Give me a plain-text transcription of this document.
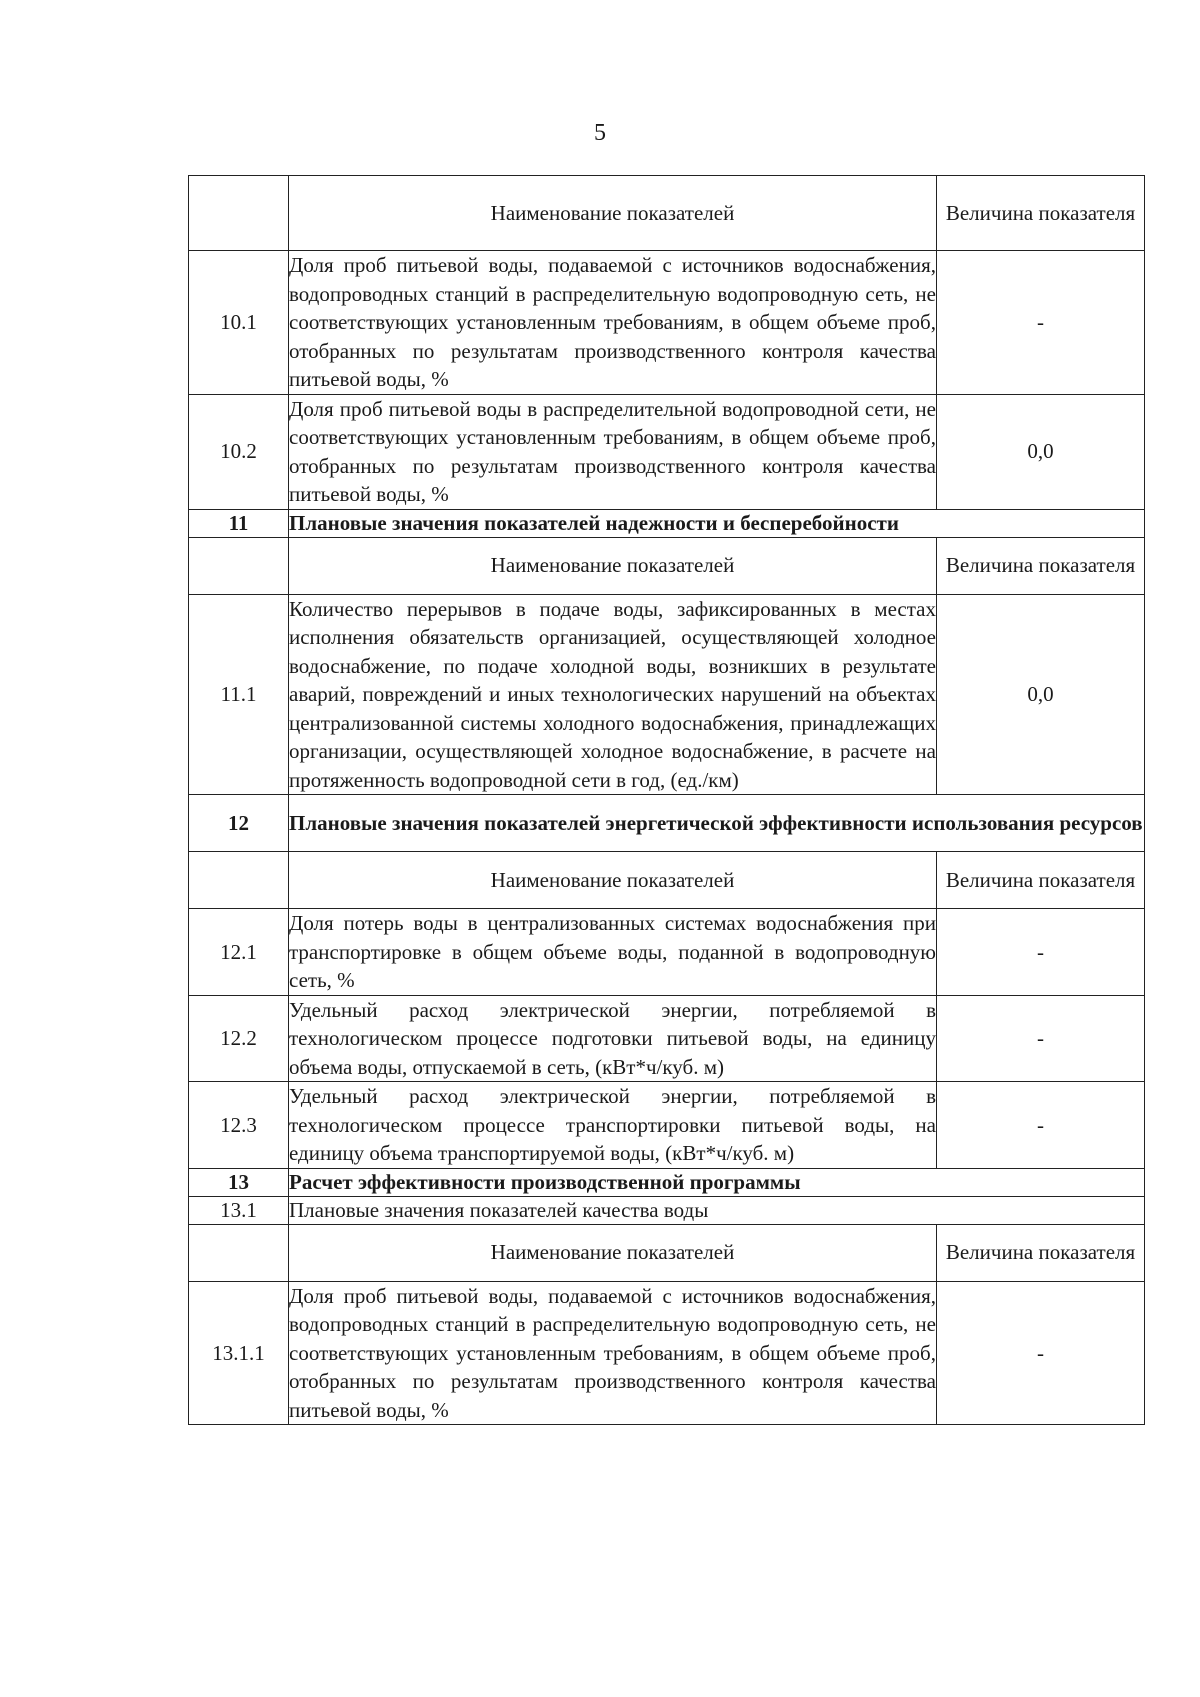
5
	Наименование показателей	Величина показателя
10.1	Доля проб питьевой воды, подаваемой с источников водоснабжения, водопроводных станций в распределительную водопроводную сеть, не соответствующих установленным требованиям, в общем объеме проб, отобранных по результатам производственного контроля качества питьевой воды, %	-
10.2	Доля проб питьевой воды в распределительной водопроводной сети, не соответствующих установленным требованиям, в общем объеме проб, отобранных по результатам производственного контроля качества питьевой воды, %	0,0
11	Плановые значения показателей надежности и бесперебойности	
	Наименование показателей	Величина показателя
11.1	Количество перерывов в подаче воды, зафиксированных в местах исполнения обязательств организацией, осуществляющей холодное водоснабжение, по подаче холодной воды, возникших в результате аварий, повреждений и иных технологических нарушений на объектах централизованной системы холодного водоснабжения, принадлежащих организации, осуществляющей холодное водоснабжение, в расчете на протяженность водопроводной сети в год, (ед./км)	0,0
12	Плановые значения показателей энергетической эффективности использования ресурсов	
	Наименование показателей	Величина показателя
12.1	Доля потерь воды в централизованных системах водоснабжения при транспортировке в общем объеме воды, поданной в водопроводную сеть, %	-
12.2	Удельный расход электрической энергии, потребляемой в технологическом процессе подготовки питьевой воды, на единицу объема воды, отпускаемой в сеть, (кВт*ч/куб. м)	-
12.3	Удельный расход электрической энергии, потребляемой в технологическом процессе транспортировки питьевой воды, на единицу объема транспортируемой воды, (кВт*ч/куб. м)	-
13	Расчет эффективности производственной программы	
13.1	Плановые значения показателей качества воды	
	Наименование показателей	Величина показателя
13.1.1	Доля проб питьевой воды, подаваемой с источников водоснабжения, водопроводных станций в распределительную водопроводную сеть, не соответствующих установленным требованиям, в общем объеме проб, отобранных по результатам производственного контроля качества питьевой воды, %	-
